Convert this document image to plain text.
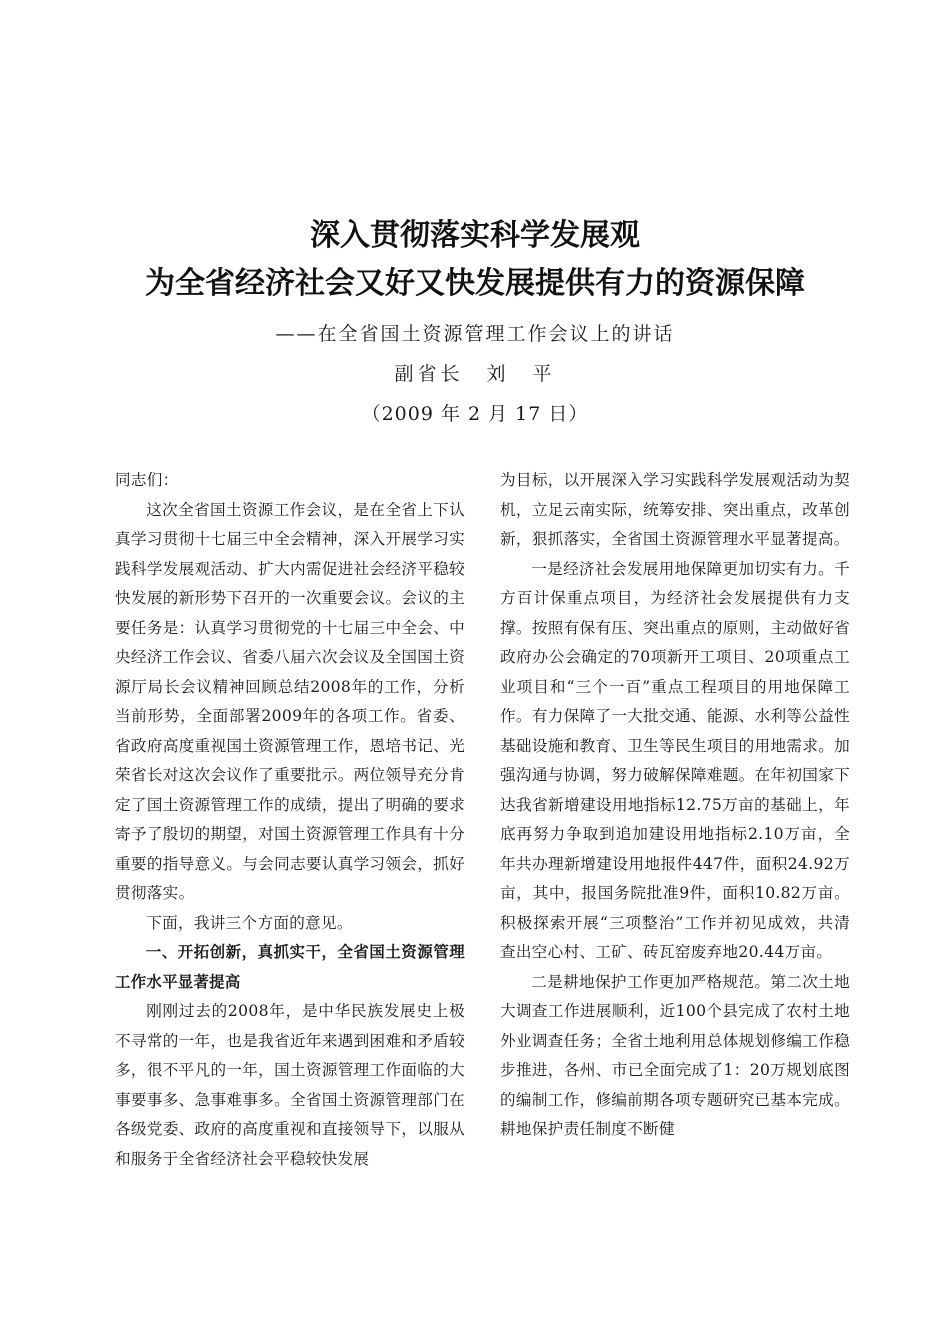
深入贯彻落实科学发展观
为全省经济社会又好又快发展提供有力的资源保障
——在全省国土资源管理工作会议上的讲话
副省长　刘　平
（2009 年 2 月 17 日）

同志们：

这次全省国土资源工作会议，是在全省上下认真学习贯彻十七届三中全会精神，深入开展学习实践科学发展观活动、扩大内需促进社会经济平稳较快发展的新形势下召开的一次重要会议。会议的主要任务是：认真学习贯彻党的十七届三中全会、中央经济工作会议、省委八届六次会议及全国国土资源厅局长会议精神回顾总结2008年的工作，分析当前形势，全面部署2009年的各项工作。省委、省政府高度重视国土资源管理工作，恩培书记、光荣省长对这次会议作了重要批示。两位领导充分肯定了国土资源管理工作的成绩，提出了明确的要求寄予了殷切的期望，对国土资源管理工作具有十分重要的指导意义。与会同志要认真学习领会，抓好贯彻落实。

下面，我讲三个方面的意见。

一、开拓创新，真抓实干，全省国土资源管理工作水平显著提高

刚刚过去的2008年，是中华民族发展史上极不寻常的一年，也是我省近年来遇到困难和矛盾较多，很不平凡的一年，国土资源管理工作面临的大事要事多、急事难事多。全省国土资源管理部门在各级党委、政府的高度重视和直接领导下，以服从和服务于全省经济社会平稳较快发展

为目标，以开展深入学习实践科学发展观活动为契机，立足云南实际，统筹安排、突出重点，改革创新，狠抓落实，全省国土资源管理水平显著提高。

一是经济社会发展用地保障更加切实有力。千方百计保重点项目，为经济社会发展提供有力支撑。按照有保有压、突出重点的原则，主动做好省政府办公会确定的70项新开工项目、20项重点工业项目和“三个一百”重点工程项目的用地保障工作。有力保障了一大批交通、能源、水利等公益性基础设施和教育、卫生等民生项目的用地需求。加强沟通与协调，努力破解保障难题。在年初国家下达我省新增建设用地指标12.75万亩的基础上，年底再努力争取到追加建设用地指标2.10万亩，全年共办理新增建设用地报件447件，面积24.92万亩，其中，报国务院批准9件，面积10.82万亩。积极探索开展“三项整治”工作并初见成效，共清查出空心村、工矿、砖瓦窑废弃地20.44万亩。

二是耕地保护工作更加严格规范。第二次土地大调查工作进展顺利，近100个县完成了农村土地外业调查任务；全省土地利用总体规划修编工作稳步推进，各州、市已全面完成了1：20万规划底图的编制工作，修编前期各项专题研究已基本完成。耕地保护责任制度不断健
